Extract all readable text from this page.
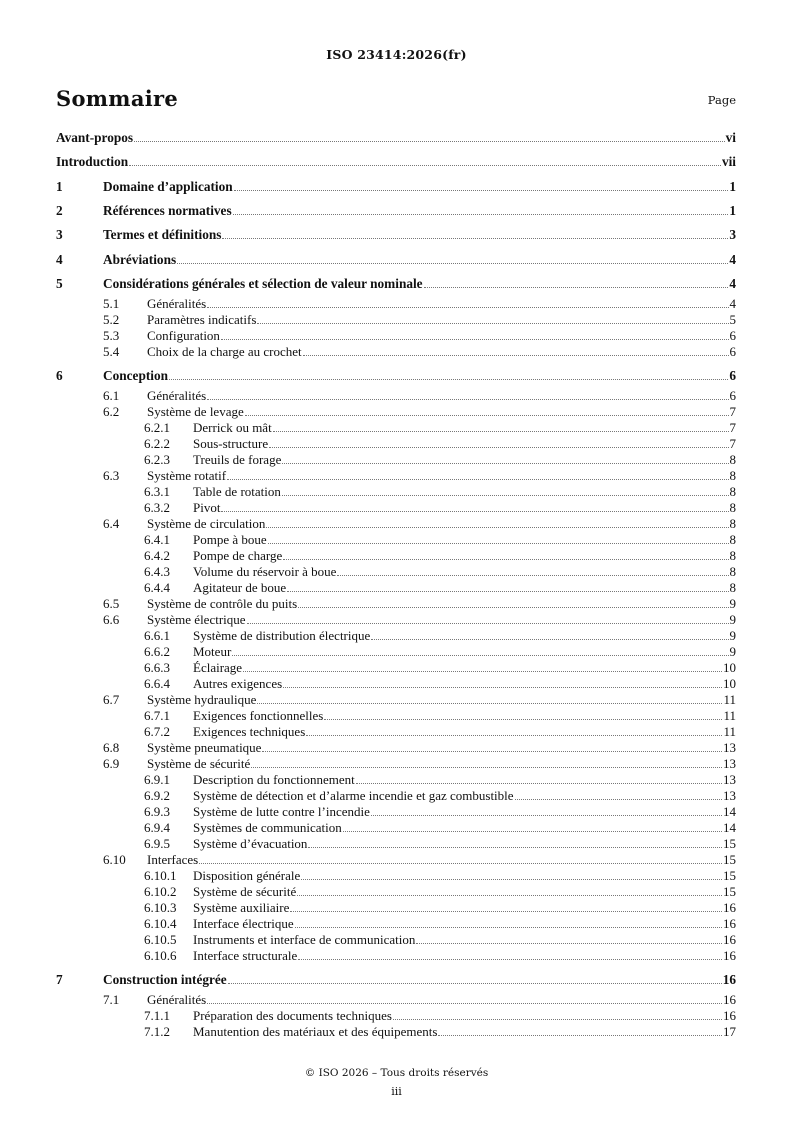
ISO 23414:2026(fr)
Sommaire	Page
Avant-propos	vi
Introduction	vii
1	Domaine d’application	1
2	Références normatives	1
3	Termes et définitions	3
4	Abréviations	4
5	Considérations générales et sélection de valeur nominale	4
5.1 Généralités	4
5.2 Paramètres indicatifs	5
5.3 Configuration	6
5.4 Choix de la charge au crochet	6
6	Conception	6
6.1 Généralités	6
6.2 Système de levage	7
6.2.1 Derrick ou mât	7
6.2.2 Sous-structure	7
6.2.3 Treuils de forage	8
6.3 Système rotatif	8
6.3.1 Table de rotation	8
6.3.2 Pivot	8
6.4 Système de circulation	8
6.4.1 Pompe à boue	8
6.4.2 Pompe de charge	8
6.4.3 Volume du réservoir à boue	8
6.4.4 Agitateur de boue	8
6.5 Système de contrôle du puits	9
6.6 Système électrique	9
6.6.1 Système de distribution électrique	9
6.6.2 Moteur	9
6.6.3 Éclairage	10
6.6.4 Autres exigences	10
6.7 Système hydraulique	11
6.7.1 Exigences fonctionnelles	11
6.7.2 Exigences techniques	11
6.8 Système pneumatique	13
6.9 Système de sécurité	13
6.9.1 Description du fonctionnement	13
6.9.2 Système de détection et d’alarme incendie et gaz combustible	13
6.9.3 Système de lutte contre l’incendie	14
6.9.4 Systèmes de communication	14
6.9.5 Système d’évacuation	15
6.10 Interfaces	15
6.10.1 Disposition générale	15
6.10.2 Système de sécurité	15
6.10.3 Système auxiliaire	16
6.10.4 Interface électrique	16
6.10.5 Instruments et interface de communication	16
6.10.6 Interface structurale	16
7	Construction intégrée	16
7.1 Généralités	16
7.1.1 Préparation des documents techniques	16
7.1.2 Manutention des matériaux et des équipements	17
© ISO 2026 – Tous droits réservés
iii
